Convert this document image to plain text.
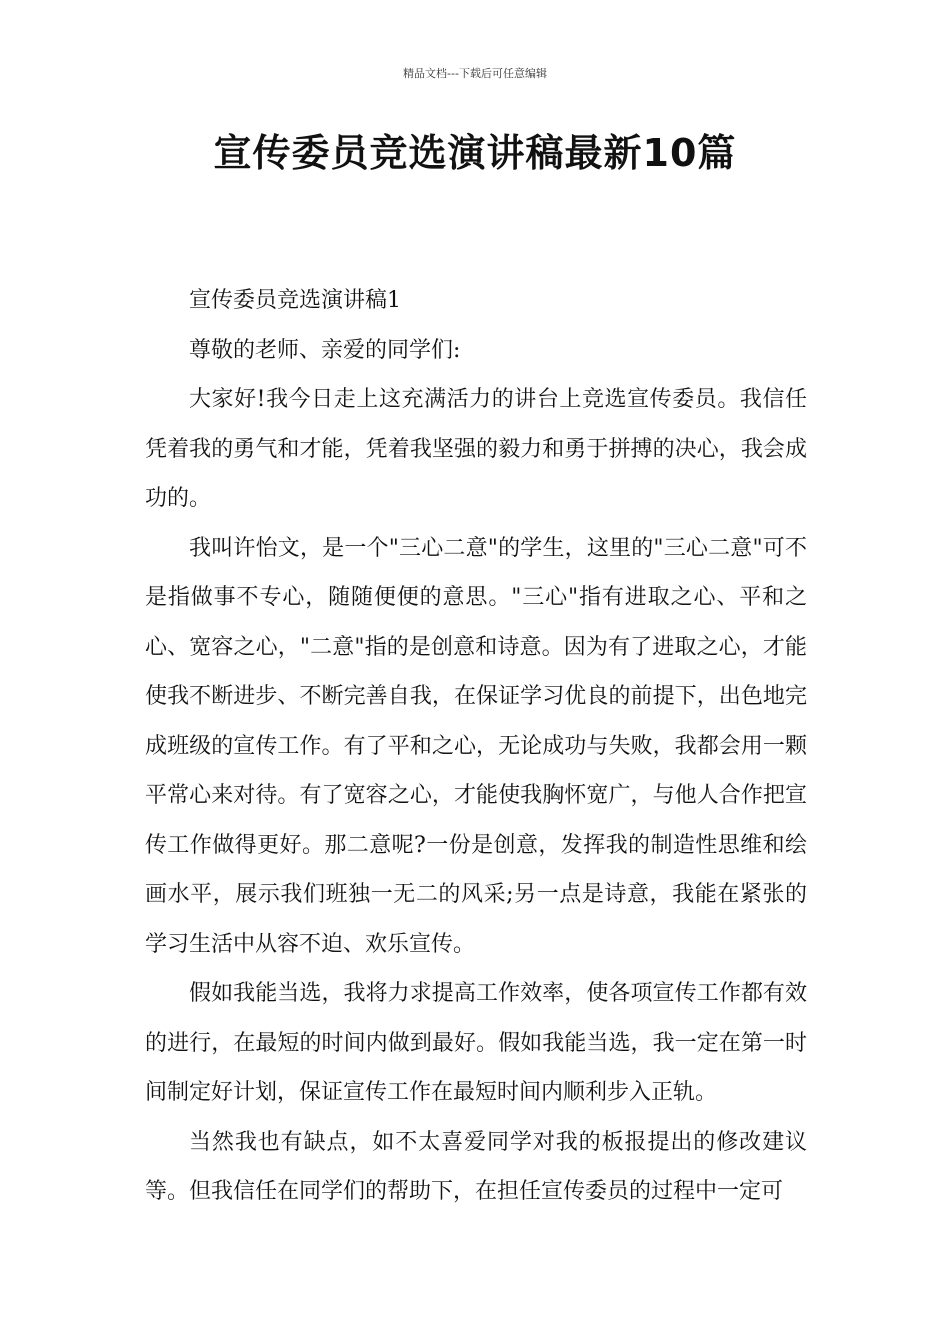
精品文档---下载后可任意编辑
宣传委员竞选演讲稿最新10篇

宣传委员竞选演讲稿1

尊敬的老师、亲爱的同学们:

大家好!我今日走上这充满活力的讲台上竞选宣传委员。我信任凭着我的勇气和才能，凭着我坚强的毅力和勇于拼搏的决心，我会成功的。

我叫许怡文，是一个"三心二意"的学生，这里的"三心二意"可不是指做事不专心，随随便便的意思。"三心"指有进取之心、平和之心、宽容之心，"二意"指的是创意和诗意。因为有了进取之心，才能使我不断进步、不断完善自我，在保证学习优良的前提下，出色地完成班级的宣传工作。有了平和之心，无论成功与失败，我都会用一颗平常心来对待。有了宽容之心，才能使我胸怀宽广，与他人合作把宣传工作做得更好。那二意呢?一份是创意，发挥我的制造性思维和绘画水平，展示我们班独一无二的风采;另一点是诗意，我能在紧张的学习生活中从容不迫、欢乐宣传。

假如我能当选，我将力求提高工作效率，使各项宣传工作都有效的进行，在最短的时间内做到最好。假如我能当选，我一定在第一时间制定好计划，保证宣传工作在最短时间内顺利步入正轨。

当然我也有缺点，如不太喜爱同学对我的板报提出的修改建议等。但我信任在同学们的帮助下，在担任宣传委员的过程中一定可
